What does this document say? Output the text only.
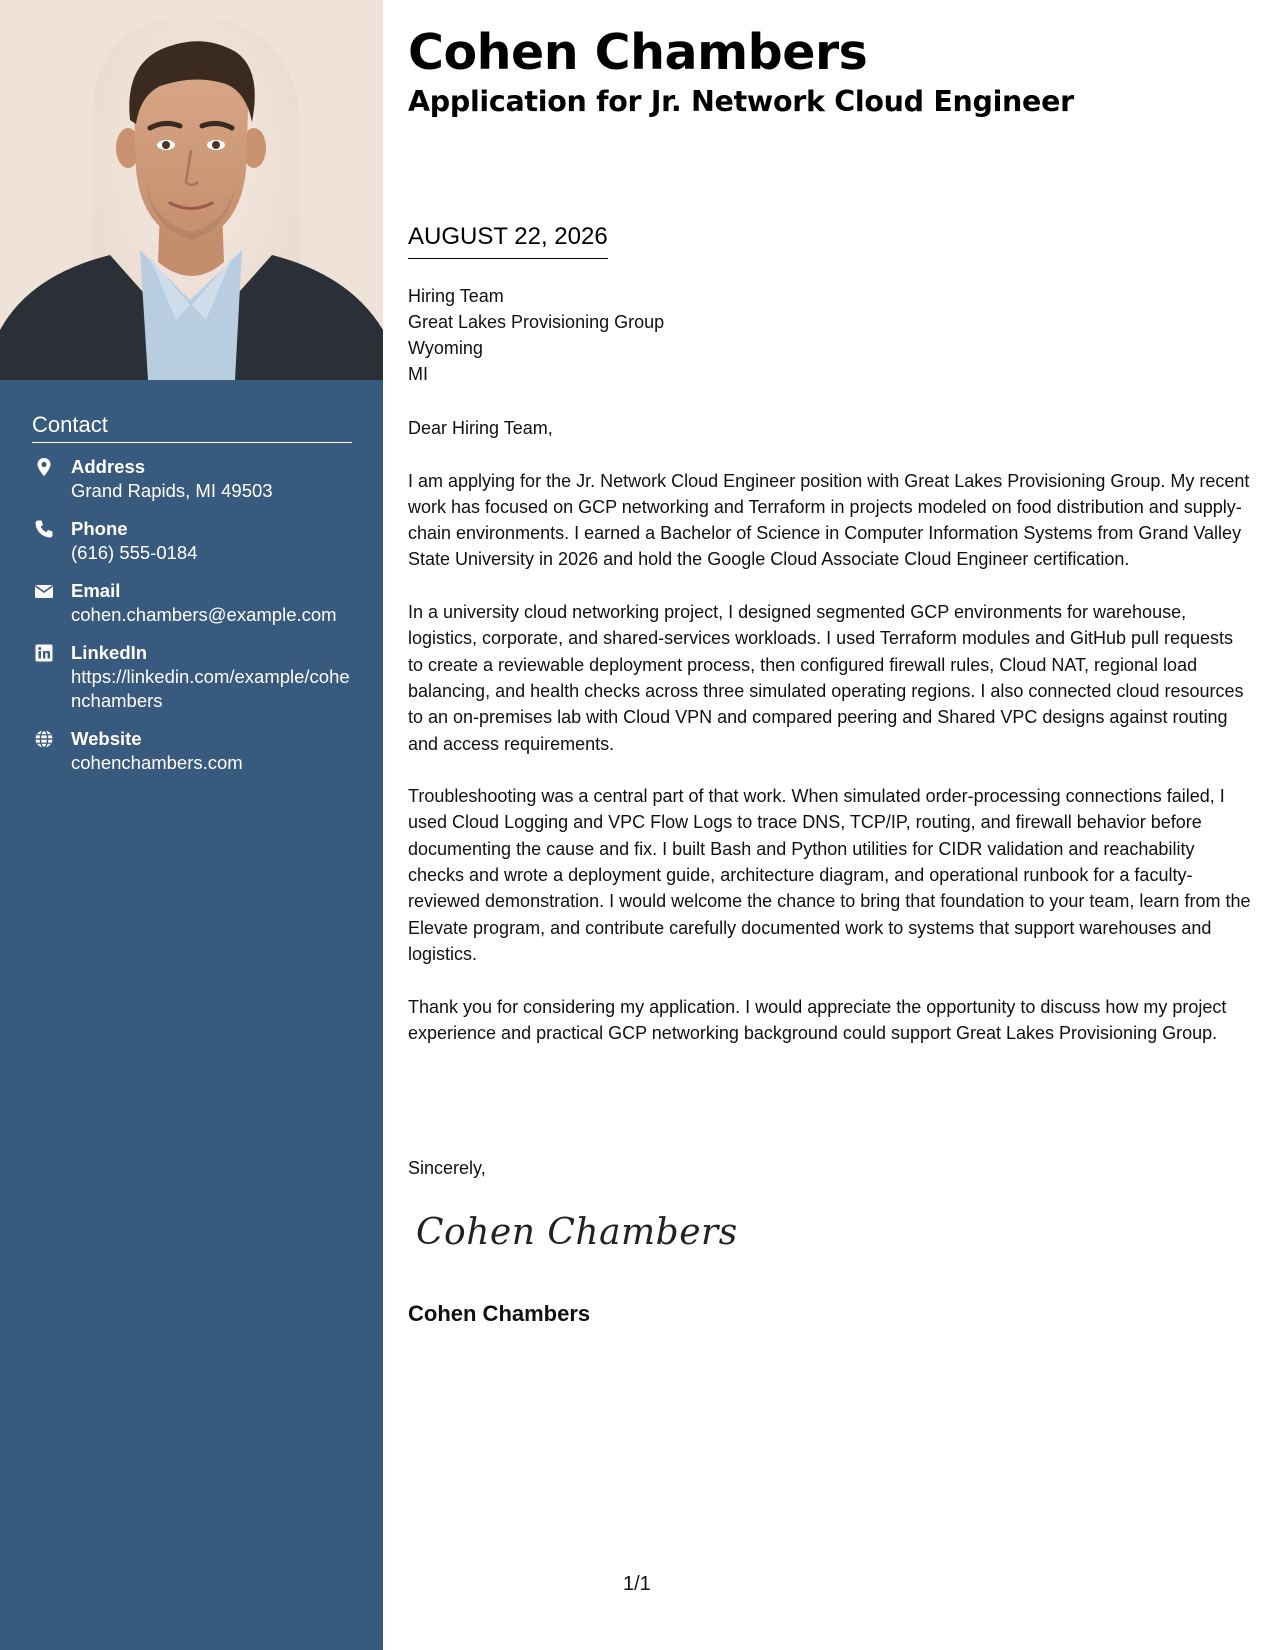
Contact
Address
Grand Rapids, MI 49503
Phone
(616) 555-0184
Email
cohen.chambers@example.com
LinkedIn
https://linkedin.com/example/cohenchambers
Website
cohenchambers.com
Cohen Chambers
Application for Jr. Network Cloud Engineer
AUGUST 22, 2026
Hiring Team
Great Lakes Provisioning Group
Wyoming
MI

Dear Hiring Team,

I am applying for the Jr. Network Cloud Engineer position with Great Lakes Provisioning Group. My recent work has focused on GCP networking and Terraform in projects modeled on food distribution and supply-chain environments. I earned a Bachelor of Science in Computer Information Systems from Grand Valley State University in 2026 and hold the Google Cloud Associate Cloud Engineer certification.

In a university cloud networking project, I designed segmented GCP environments for warehouse, logistics, corporate, and shared-services workloads. I used Terraform modules and GitHub pull requests to create a reviewable deployment process, then configured firewall rules, Cloud NAT, regional load balancing, and health checks across three simulated operating regions. I also connected cloud resources to an on-premises lab with Cloud VPN and compared peering and Shared VPC designs against routing and access requirements.

Troubleshooting was a central part of that work. When simulated order-processing connections failed, I used Cloud Logging and VPC Flow Logs to trace DNS, TCP/IP, routing, and firewall behavior before documenting the cause and fix. I built Bash and Python utilities for CIDR validation and reachability checks and wrote a deployment guide, architecture diagram, and operational runbook for a faculty-reviewed demonstration. I would welcome the chance to bring that foundation to your team, learn from the Elevate program, and contribute carefully documented work to systems that support warehouses and logistics.

Thank you for considering my application. I would appreciate the opportunity to discuss how my project experience and practical GCP networking background could support Great Lakes Provisioning Group.

Sincerely,
Cohen Chambers
Cohen Chambers
1/1
